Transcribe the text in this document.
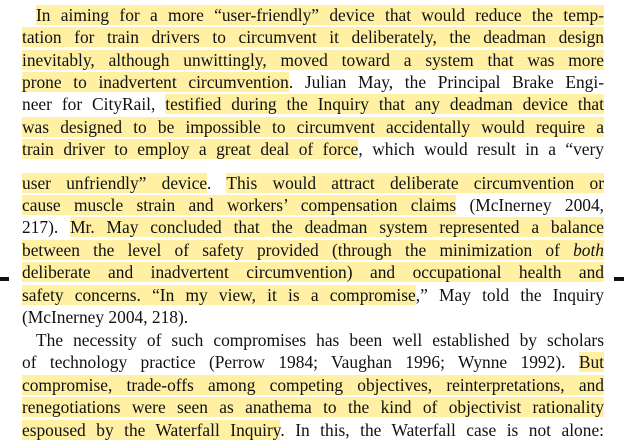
In aiming for a more “user-friendly” device that would reduce the temp-
tation for train drivers to circumvent it deliberately, the deadman design
inevitably, although unwittingly, moved toward a system that was more
prone to inadvertent circumvention. Julian May, the Principal Brake Engi-
neer for CityRail, testified during the Inquiry that any deadman device that
was designed to be impossible to circumvent accidentally would require a
train driver to employ a great deal of force, which would result in a “very
user unfriendly” device. This would attract deliberate circumvention or
cause muscle strain and workers’ compensation claims (McInerney 2004,
217). Mr. May concluded that the deadman system represented a balance
between the level of safety provided (through the minimization of both
deliberate and inadvertent circumvention) and occupational health and
safety concerns. “In my view, it is a compromise,” May told the Inquiry
(McInerney 2004, 218).
The necessity of such compromises has been well established by scholars
of technology practice (Perrow 1984; Vaughan 1996; Wynne 1992). But
compromise, trade-offs among competing objectives, reinterpretations, and
renegotiations were seen as anathema to the kind of objectivist rationality
espoused by the Waterfall Inquiry. In this, the Waterfall case is not alone:
